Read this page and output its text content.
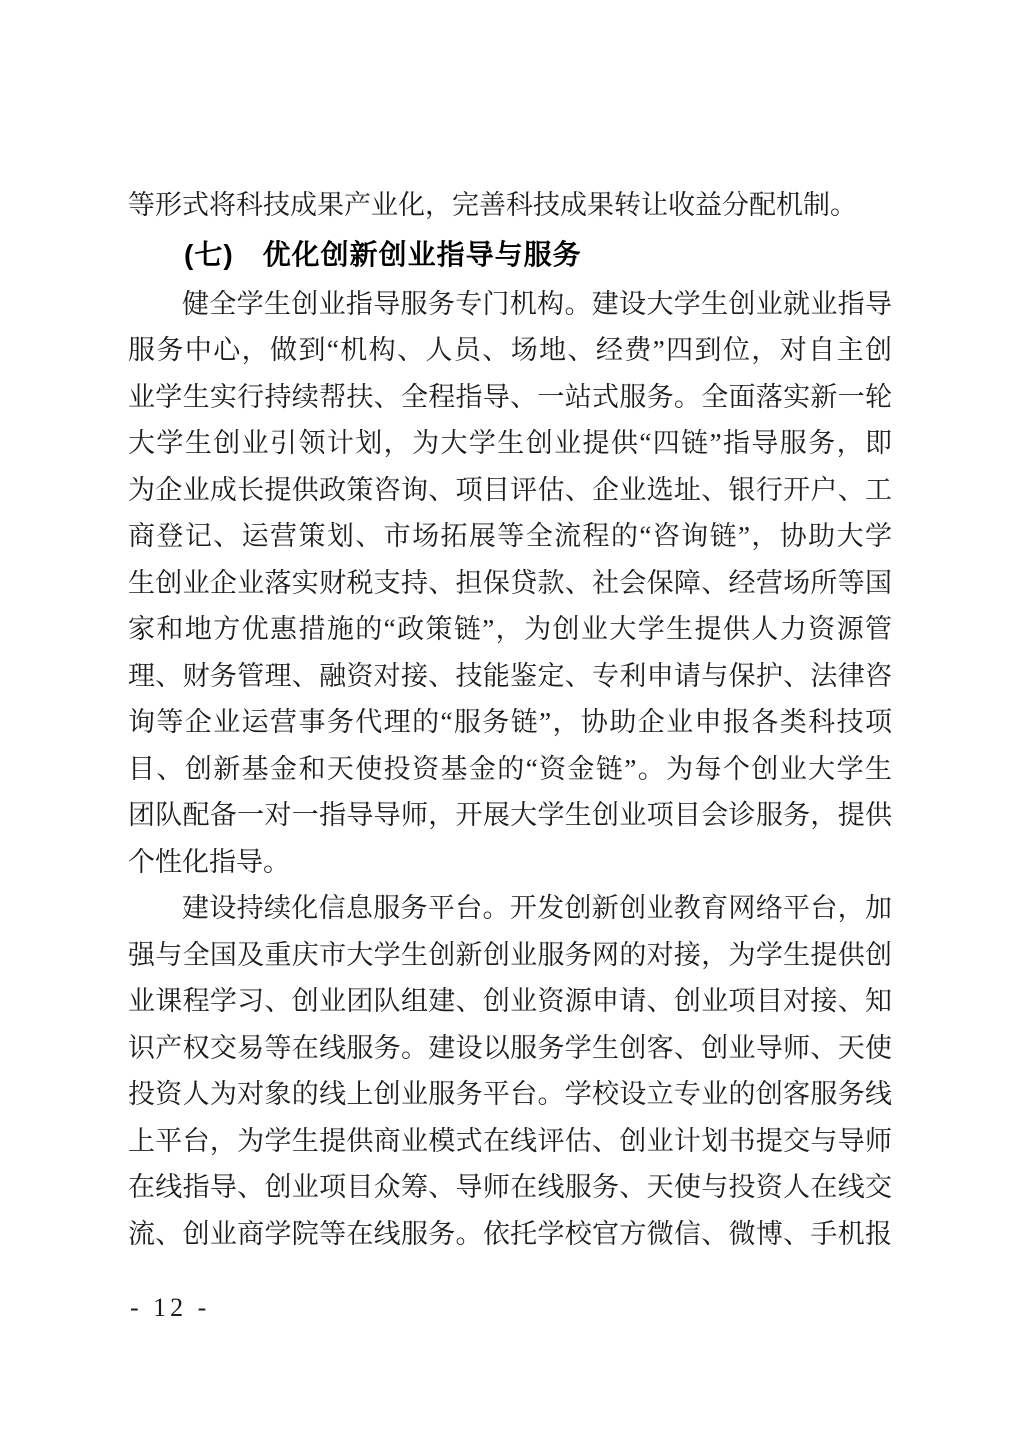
等形式将科技成果产业化，完善科技成果转让收益分配机制。
(七)　优化创新创业指导与服务
健全学生创业指导服务专门机构。建设大学生创业就业指导
服务中心，做到“机构、人员、场地、经费”四到位，对自主创
业学生实行持续帮扶、全程指导、一站式服务。全面落实新一轮
大学生创业引领计划，为大学生创业提供“四链”指导服务，即
为企业成长提供政策咨询、项目评估、企业选址、银行开户、工
商登记、运营策划、市场拓展等全流程的“咨询链”，协助大学
生创业企业落实财税支持、担保贷款、社会保障、经营场所等国
家和地方优惠措施的“政策链”，为创业大学生提供人力资源管
理、财务管理、融资对接、技能鉴定、专利申请与保护、法律咨
询等企业运营事务代理的“服务链”，协助企业申报各类科技项
目、创新基金和天使投资基金的“资金链”。为每个创业大学生
团队配备一对一指导导师，开展大学生创业项目会诊服务，提供
个性化指导。
建设持续化信息服务平台。开发创新创业教育网络平台，加
强与全国及重庆市大学生创新创业服务网的对接，为学生提供创
业课程学习、创业团队组建、创业资源申请、创业项目对接、知
识产权交易等在线服务。建设以服务学生创客、创业导师、天使
投资人为对象的线上创业服务平台。学校设立专业的创客服务线
上平台，为学生提供商业模式在线评估、创业计划书提交与导师
在线指导、创业项目众筹、导师在线服务、天使与投资人在线交
流、创业商学院等在线服务。依托学校官方微信、微博、手机报
- 12 -
